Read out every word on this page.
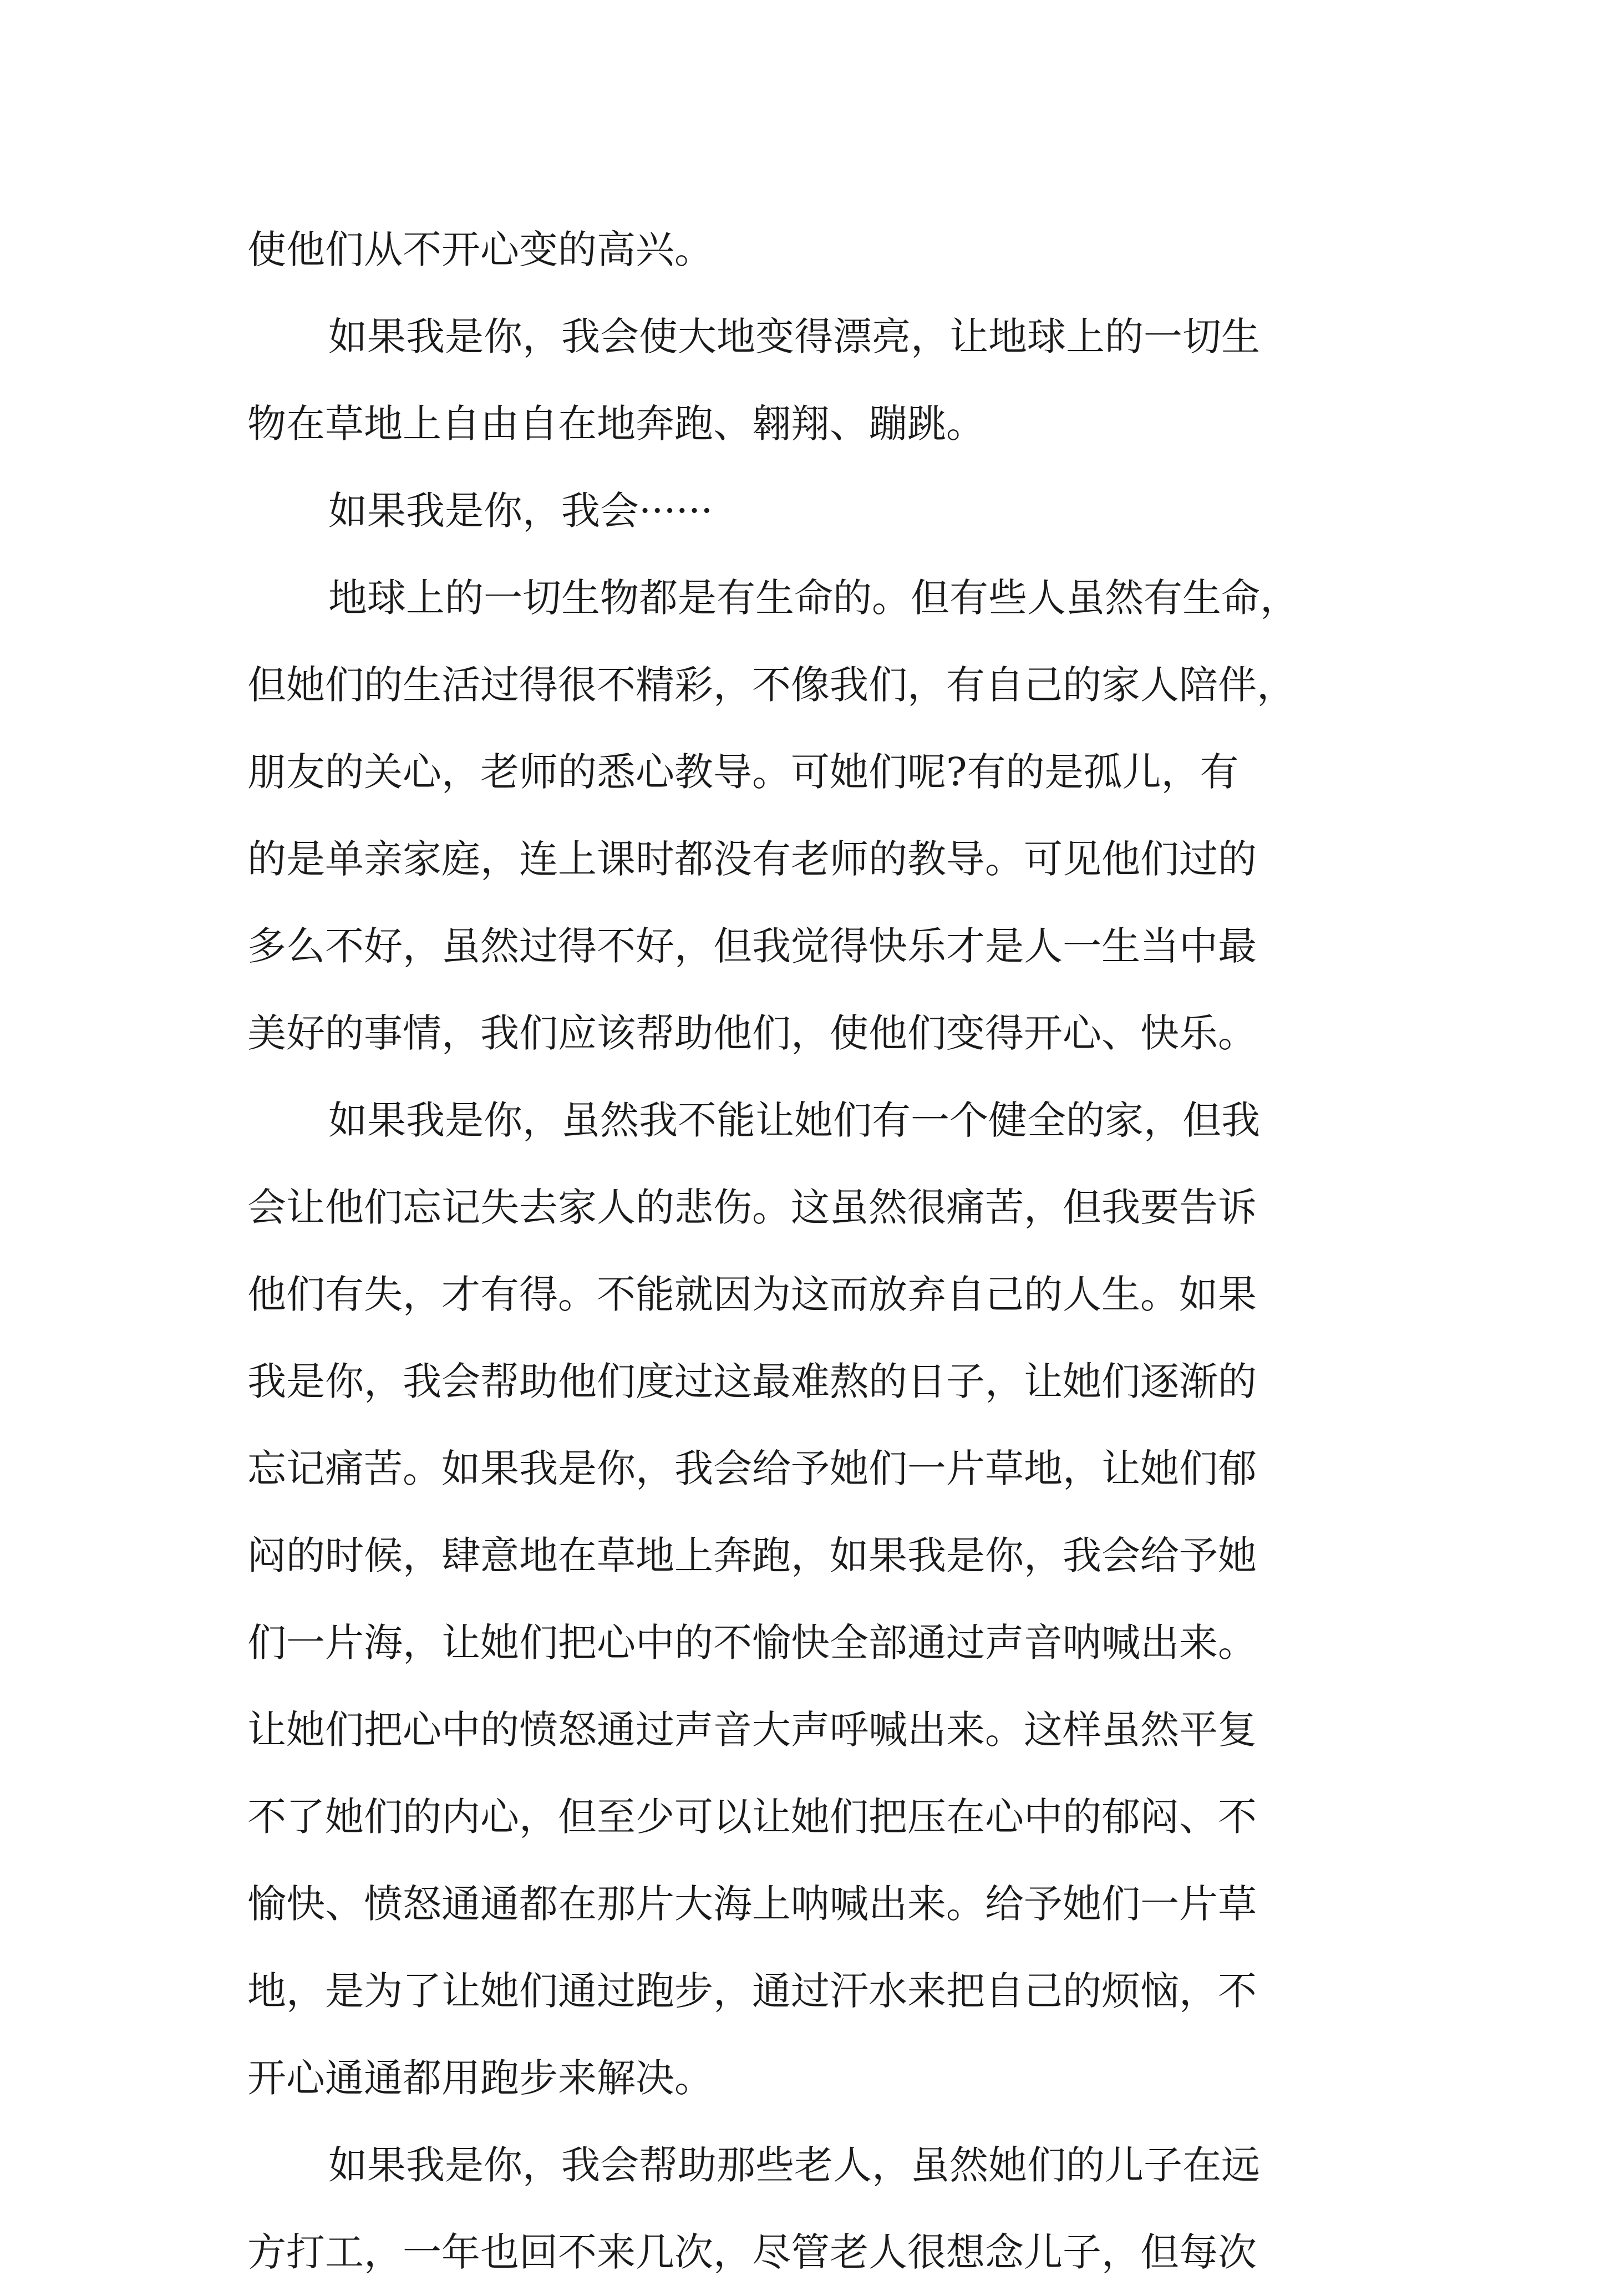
使他们从不开心变的高兴。
如果我是你，我会使大地变得漂亮，让地球上的一切生
物在草地上自由自在地奔跑、翱翔、蹦跳。
如果我是你，我会······
地球上的一切生物都是有生命的。但有些人虽然有生命，
但她们的生活过得很不精彩，不像我们，有自己的家人陪伴，
朋友的关心，老师的悉心教导。可她们呢?有的是孤儿，有
的是单亲家庭，连上课时都没有老师的教导。可见他们过的
多么不好，虽然过得不好，但我觉得快乐才是人一生当中最
美好的事情，我们应该帮助他们，使他们变得开心、快乐。
如果我是你，虽然我不能让她们有一个健全的家，但我
会让他们忘记失去家人的悲伤。这虽然很痛苦，但我要告诉
他们有失，才有得。不能就因为这而放弃自己的人生。如果
我是你，我会帮助他们度过这最难熬的日子，让她们逐渐的
忘记痛苦。如果我是你，我会给予她们一片草地，让她们郁
闷的时候，肆意地在草地上奔跑，如果我是你，我会给予她
们一片海，让她们把心中的不愉快全部通过声音呐喊出来。
让她们把心中的愤怒通过声音大声呼喊出来。这样虽然平复
不了她们的内心，但至少可以让她们把压在心中的郁闷、不
愉快、愤怒通通都在那片大海上呐喊出来。给予她们一片草
地，是为了让她们通过跑步，通过汗水来把自己的烦恼，不
开心通通都用跑步来解决。
如果我是你，我会帮助那些老人，虽然她们的儿子在远
方打工，一年也回不来几次，尽管老人很想念儿子，但每次
